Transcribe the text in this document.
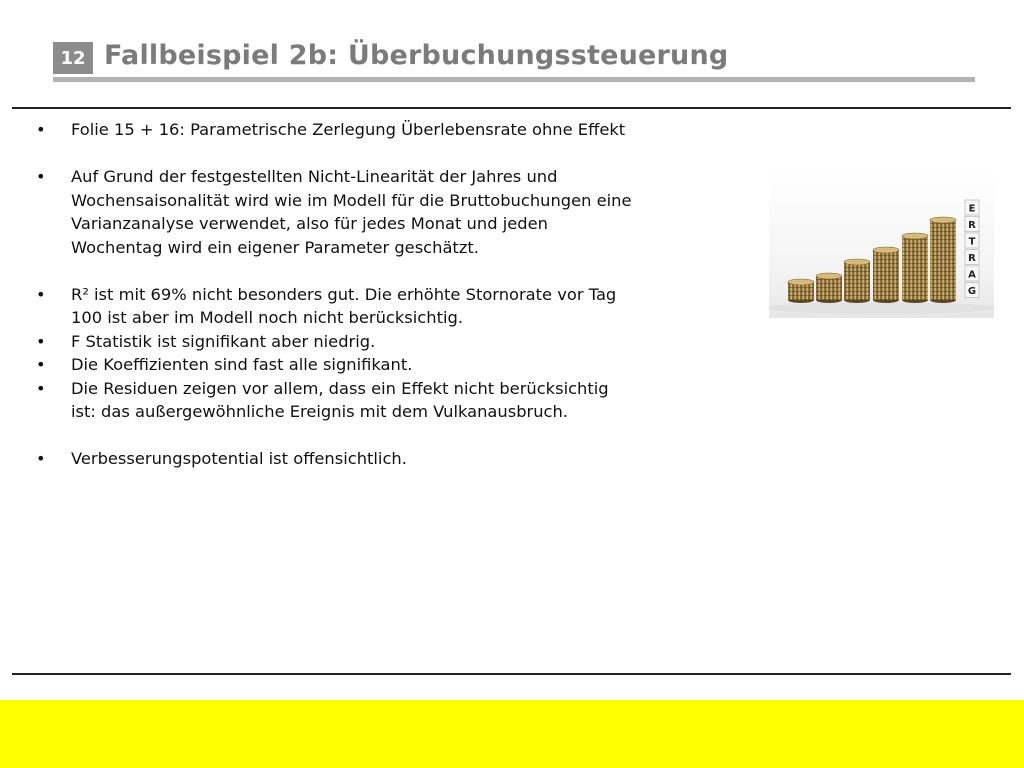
12 Fallbeispiel 2b: Überbuchungssteuerung
• Folie 15 + 16: Parametrische Zerlegung Überlebensrate ohne Effekt
• Auf Grund der festgestellten Nicht-Linearität der Jahres und
Wochensaisonalität wird wie im Modell für die Bruttobuchungen eine
Varianzanalyse verwendet, also für jedes Monat und jeden
Wochentag wird ein eigener Parameter geschätzt.
• R² ist mit 69% nicht besonders gut. Die erhöhte Stornorate vor Tag
100 ist aber im Modell noch nicht berücksichtig.
• F Statistik ist signifikant aber niedrig.
• Die Koeffizienten sind fast alle signifikant.
• Die Residuen zeigen vor allem, dass ein Effekt nicht berücksichtig
ist: das außergewöhnliche Ereignis mit dem Vulkanausbruch.
• Verbesserungspotential ist offensichtlich.
E
R
T
R
A
G
